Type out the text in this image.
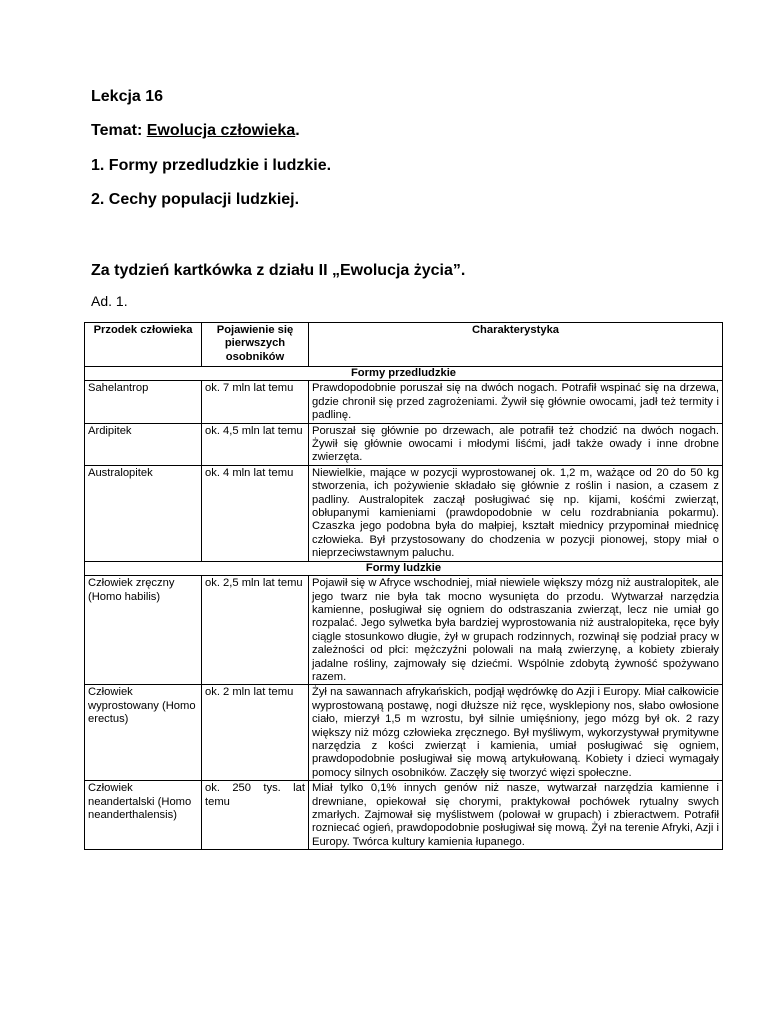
Lekcja 16
Temat: Ewolucja człowieka.
1. Formy przedludzkie i ludzkie.
2. Cechy populacji ludzkiej.
Za tydzień kartkówka z działu II „Ewolucja życia”.
Ad. 1.
Przodek człowieka	Pojawienie się pierwszych osobników	Charakterystyka
Formy przedludzkie		
Sahelantrop	ok. 7 mln lat temu	Prawdopodobnie poruszał się na dwóch nogach. Potrafił wspinać się na drzewa, gdzie chronił się przed zagrożeniami. Żywił się głównie owocami, jadł też termity i padlinę.
Ardipitek	ok. 4,5 mln lat temu	Poruszał się głównie po drzewach, ale potrafił też chodzić na dwóch nogach. Żywił się głównie owocami i młodymi liśćmi, jadł także owady i inne drobne zwierzęta.
Australopitek	ok. 4 mln lat temu	Niewielkie, mające w pozycji wyprostowanej ok. 1,2 m, ważące od 20 do 50 kg stworzenia, ich pożywienie składało się głównie z roślin i nasion, a czasem z padliny. Australopitek zaczął posługiwać się np. kijami, kośćmi zwierząt, obłupanymi kamieniami (prawdopodobnie w celu rozdrabniania pokarmu). Czaszka jego podobna była do małpiej, kształt miednicy przypominał miednicę człowieka. Był przystosowany do chodzenia w pozycji pionowej, stopy miał o nieprzeciwstawnym paluchu.
Formy ludzkie		
Człowiek zręczny (Homo habilis)	ok. 2,5 mln lat temu	Pojawił się w Afryce wschodniej, miał niewiele większy mózg niż australopitek, ale jego twarz nie była tak mocno wysunięta do przodu. Wytwarzał narzędzia kamienne, posługiwał się ogniem do odstraszania zwierząt, lecz nie umiał go rozpalać. Jego sylwetka była bardziej wyprostowania niż australopiteka, ręce były ciągle stosunkowo długie, żył w grupach rodzinnych, rozwinął się podział pracy w zależności od płci: mężczyźni polowali na małą zwierzynę, a kobiety zbierały jadalne rośliny, zajmowały się dziećmi. Wspólnie zdobytą żywność spożywano razem.
Człowiek wyprostowany (Homo erectus)	ok. 2 mln lat temu	Żył na sawannach afrykańskich, podjął wędrówkę do Azji i Europy. Miał całkowicie wyprostowaną postawę, nogi dłuższe niż ręce, wysklepiony nos, słabo owłosione ciało, mierzył 1,5 m wzrostu, był silnie umięśniony, jego mózg był ok. 2 razy większy niż mózg człowieka zręcznego. Był myśliwym, wykorzystywał prymitywne narzędzia z kości zwierząt i kamienia, umiał posługiwać się ogniem, prawdopodobnie posługiwał się mową artykułowaną. Kobiety i dzieci wymagały pomocy silnych osobników. Zaczęły się tworzyć więzi społeczne.
Człowiek neandertalski (Homo neanderthalensis)	ok. 250 tys. lat temu	Miał tylko 0,1% innych genów niż nasze, wytwarzał narzędzia kamienne i drewniane, opiekował się chorymi, praktykował pochówek rytualny swych zmarłych. Zajmował się myślistwem (polował w grupach) i zbieractwem. Potrafił rozniecać ogień, prawdopodobnie posługiwał się mową. Żył na terenie Afryki, Azji i Europy. Twórca kultury kamienia łupanego.
